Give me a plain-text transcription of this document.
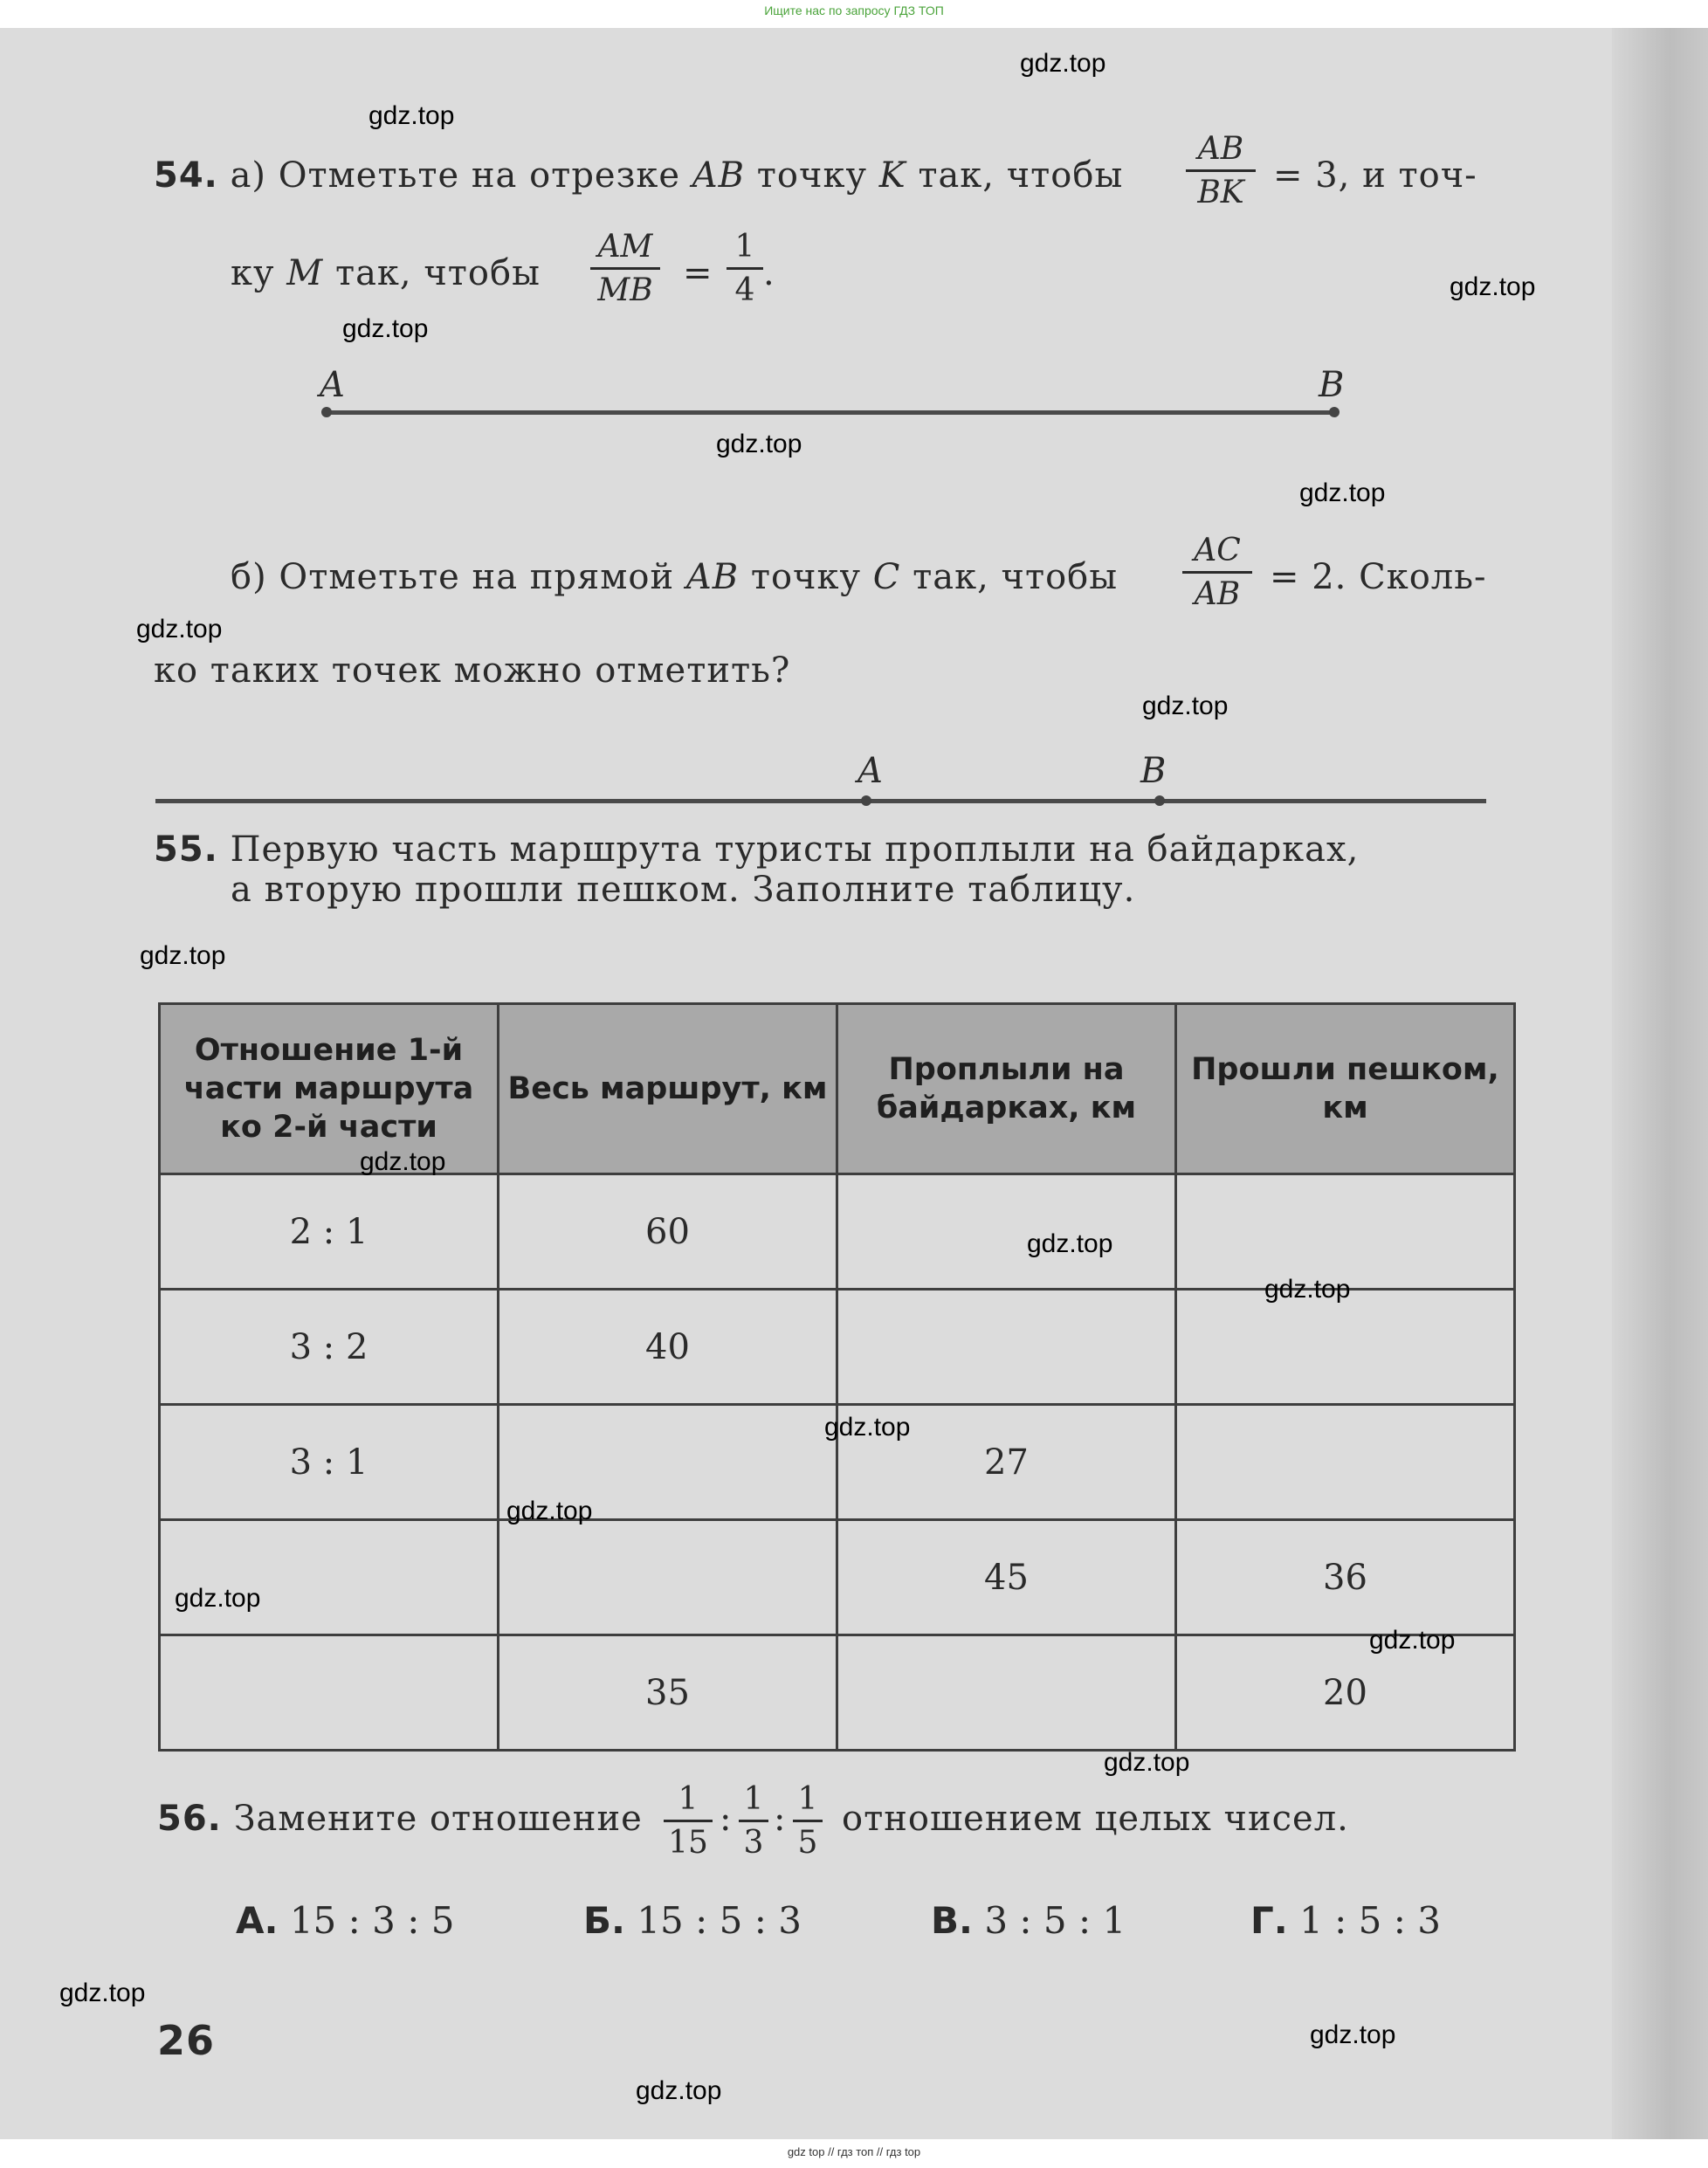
Ищите нас по запросу ГДЗ ТОП
54. а) Отметьте на отрезке AB точку K так, чтобы
AB
BK = 3, и точ-
ку M так, чтобы
AM
MB =
1
4 .
A	B
б) Отметьте на прямой AB точку C так, чтобы
AC
AB = 2. Сколь-
ко таких точек можно отметить?
A	B
55. Первую часть маршрута туристы проплыли на байдарках,
а вторую прошли пешком. Заполните таблицу.
Отношение 1-й части маршрута ко 2-й части	Весь маршрут, км	Проплыли на байдарках, км	Прошли пешком, км
2 : 1	60		
3 : 2	40		
3 : 1		27	
		45	36
	35		20
56. Замените отношение	1
15
: 1
3
: 1
5
отношением целых чисел.
А. 15 : 3 : 5	Б. 15 : 5 : 3	В. 3 : 5 : 1	Г. 1 : 5 : 3
26
gdz.top
gdz.top
gdz.top
gdz.top
gdz.top
gdz.top
gdz.top
gdz.top
gdz.top
gdz.top
gdz.top
gdz.top
gdz.top
gdz.top
gdz.top
gdz.top
gdz.top
gdz.top
gdz.top
gdz.top
gdz top // гдз топ // гдз top
